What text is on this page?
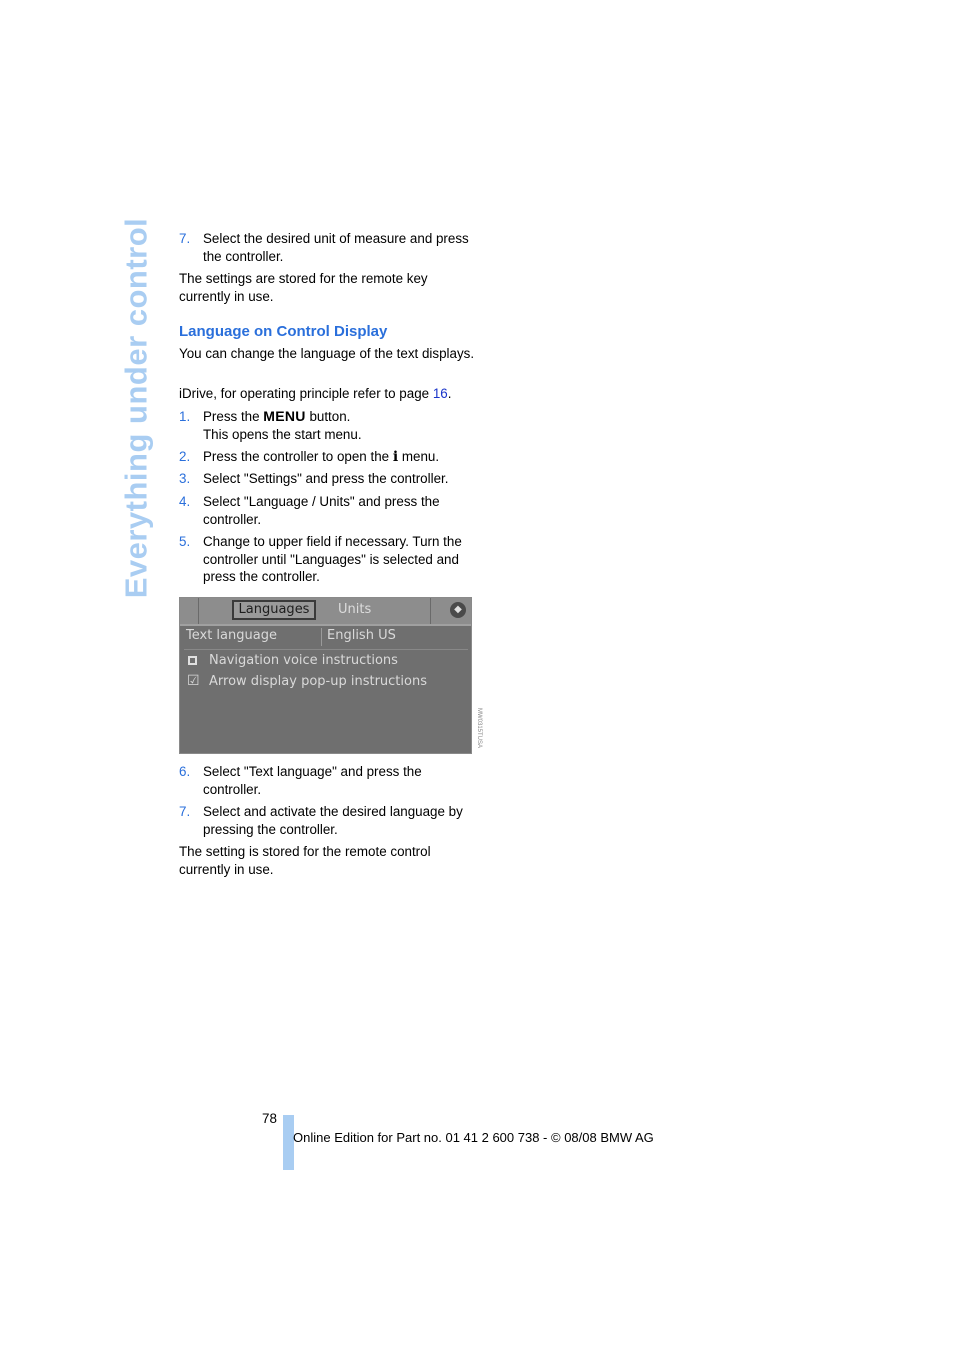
Everything under control 7. Select the desired unit of measure and press the controller.
The settings are stored for the remote key currently in use.
Language on Control Display
You can change the language of the text displays.
iDrive, for operating principle refer to page 16.
1. Press the MENU button.
This opens the start menu.
2. Press the controller to open the i menu.
3. Select "Settings" and press the controller.
4. Select "Language / Units" and press the controller.
5. Change to upper field if necessary. Turn the controller until "Languages" is selected and press the controller.
Languages	Units	◆
Text language	English US
Navigation voice instructions
☑ Arrow display pop-up instructions
MW0315TUSA
6. Select "Text language" and press the controller.
7. Select and activate the desired language by pressing the controller.
The setting is stored for the remote control currently in use.
78
Online Edition for Part no. 01 41 2 600 738 - © 08/08 BMW AG
